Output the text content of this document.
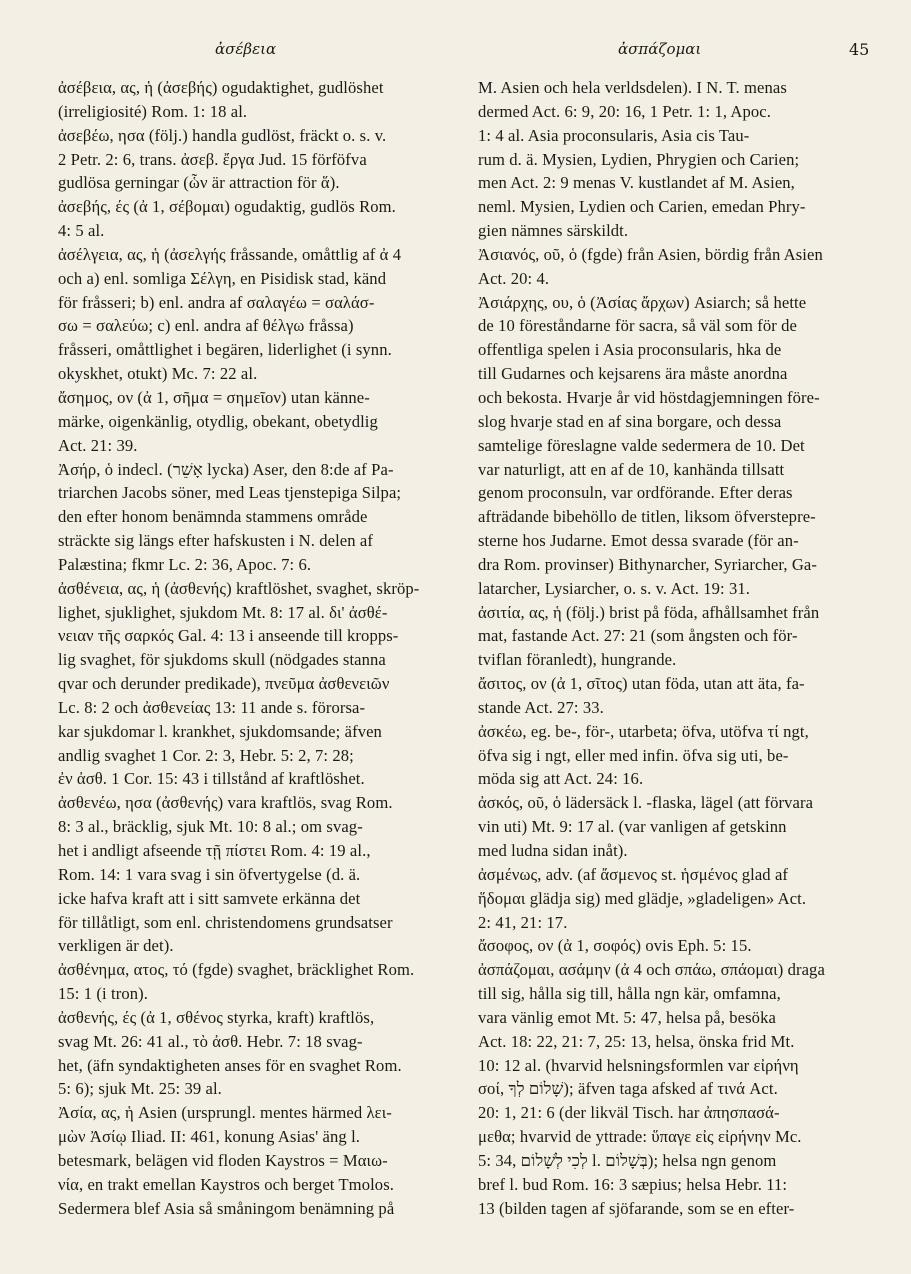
ἀσέβεια	ἀσπάζομαι	45
ἀσέβεια, ας, ἡ (ἀσεβής) ogudaktighet, gudlöshet
(irreligiosité) Rom. 1: 18 al.
ἀσεβέω, ησα (följ.) handla gudlöst, fräckt o. s. v.
2 Petr. 2: 6, trans. ἀσεβ. ἔργα Jud. 15 förföfva
gudlösa gerningar (ὧν är attraction för ἅ).
ἀσεβής, ές (ἀ 1, σέβομαι) ogudaktig, gudlös Rom.
4: 5 al.
ἀσέλγεια, ας, ἡ (ἀσελγής fråssande, omåttlig af ἀ 4
och a) enl. somliga Σέλγη, en Pisidisk stad, känd
för fråsseri; b) enl. andra af σαλαγέω = σαλάσ-
σω = σαλεύω; c) enl. andra af θέλγω fråssa)
fråsseri, omåttlighet i begären, liderlighet (i synn.
okyskhet, otukt) Mc. 7: 22 al.
ἄσημος, ον (ἀ 1, σῆμα = σημεῖον) utan känne-
märke, oigenkänlig, otydlig, obekant, obetydlig
Act. 21: 39.
Ἀσήρ, ὁ indecl. (אָשֵׁר lycka) Aser, den 8:de af Pa-
triarchen Jacobs söner, med Leas tjenstepiga Silpa;
den efter honom benämnda stammens område
sträckte sig längs efter hafskusten i N. delen af
Palæstina; fkmr Lc. 2: 36, Apoc. 7: 6.
ἀσθένεια, ας, ἡ (ἀσθενής) kraftlöshet, svaghet, skröp-
lighet, sjuklighet, sjukdom Mt. 8: 17 al. δι' ἀσθέ-
νειαν τῆς σαρκός Gal. 4: 13 i anseende till kropps-
lig svaghet, för sjukdoms skull (nödgades stanna
qvar och derunder predikade), πνεῦμα ἀσθενειῶν
Lc. 8: 2 och ἀσθενείας 13: 11 ande s. förorsa-
kar sjukdomar l. krankhet, sjukdomsande; äfven
andlig svaghet 1 Cor. 2: 3, Hebr. 5: 2, 7: 28;
ἐν ἀσθ. 1 Cor. 15: 43 i tillstånd af kraftlöshet.
ἀσθενέω, ησα (ἀσθενής) vara kraftlös, svag Rom.
8: 3 al., bräcklig, sjuk Mt. 10: 8 al.; om svag-
het i andligt afseende τῇ πίστει Rom. 4: 19 al.,
Rom. 14: 1 vara svag i sin öfvertygelse (d. ä.
icke hafva kraft att i sitt samvete erkänna det
för tillåtligt, som enl. christendomens grundsatser
verkligen är det).
ἀσθένημα, ατος, τό (fgde) svaghet, bräcklighet Rom.
15: 1 (i tron).
ἀσθενής, ές (ἀ 1, σθένος styrka, kraft) kraftlös,
svag Mt. 26: 41 al., τὸ ἀσθ. Hebr. 7: 18 svag-
het, (äfn syndaktigheten anses för en svaghet Rom.
5: 6); sjuk Mt. 25: 39 al.
Ἀσία, ας, ἡ Asien (ursprungl. mentes härmed λει-
μὼν Ἀσίῳ Iliad. II: 461, konung Asias' äng l.
betesmark, belägen vid floden Kaystros = Μαιω-
νία, en trakt emellan Kaystros och berget Tmolos.
Sedermera blef Asia så småningom benämning på
M. Asien och hela verldsdelen). I N. T. menas
dermed Act. 6: 9, 20: 16, 1 Petr. 1: 1, Apoc.
1: 4 al. Asia proconsularis, Asia cis Tau-
rum d. ä. Mysien, Lydien, Phrygien och Carien;
men Act. 2: 9 menas V. kustlandet af M. Asien,
neml. Mysien, Lydien och Carien, emedan Phry-
gien nämnes särskildt.
Ἀσιανός, οῦ, ὁ (fgde) från Asien, bördig från Asien
Act. 20: 4.
Ἀσιάρχης, ου, ὁ (Ἀσίας ἄρχων) Asiarch; så hette
de 10 föreståndarne för sacra, så väl som för de
offentliga spelen i Asia proconsularis, hka de
till Gudarnes och kejsarens ära måste anordna
och bekosta. Hvarje år vid höstdagjemningen före-
slog hvarje stad en af sina borgare, och dessa
samtelige föreslagne valde sedermera de 10. Det
var naturligt, att en af de 10, kanhända tillsatt
genom proconsuln, var ordförande. Efter deras
afträdande bibehöllo de titlen, liksom öfverstepre-
sterne hos Judarne. Emot dessa svarade (för an-
dra Rom. provinser) Bithynarcher, Syriarcher, Ga-
latarcher, Lysiarcher, o. s. v. Act. 19: 31.
ἀσιτία, ας, ἡ (följ.) brist på föda, afhållsamhet från
mat, fastande Act. 27: 21 (som ångsten och för-
tviflan föranledt), hungrande.
ἄσιτος, ον (ἀ 1, σῖτος) utan föda, utan att äta, fa-
stande Act. 27: 33.
ἀσκέω, eg. be-, för-, utarbeta; öfva, utöfva τί ngt,
öfva sig i ngt, eller med infin. öfva sig uti, be-
möda sig att Act. 24: 16.
ἀσκός, οῦ, ὁ lädersäck l. -flaska, lägel (att förvara
vin uti) Mt. 9: 17 al. (var vanligen af getskinn
med ludna sidan inåt).
ἀσμένως, adv. (af ἄσμενος st. ἡσμένος glad af
ἥδομαι glädja sig) med glädje, »gladeligen» Act.
2: 41, 21: 17.
ἄσοφος, ον (ἀ 1, σοφός) ovis Eph. 5: 15.
ἀσπάζομαι, ασάμην (ἀ 4 och σπάω, σπάομαι) draga
till sig, hålla sig till, hålla ngn kär, omfamna,
vara vänlig emot Mt. 5: 47, helsa på, besöka
Act. 18: 22, 21: 7, 25: 13, helsa, önska frid Mt.
10: 12 al. (hvarvid helsningsformlen var εἰρήνη
σοί, שָׁלוֹם לְךָ); äfven taga afsked af τινά Act.
20: 1, 21: 6 (der likväl Tisch. har ἀπησπασά-
μεθα; hvarvid de yttrade: ὕπαγε εἰς εἰρήνην Mc.
5: 34, לְכִי לְשָׁלוֹם l. בְּשָׁלוֹם); helsa ngn genom
bref l. bud Rom. 16: 3 sæpius; helsa Hebr. 11:
13 (bilden tagen af sjöfarande, som se en efter-
